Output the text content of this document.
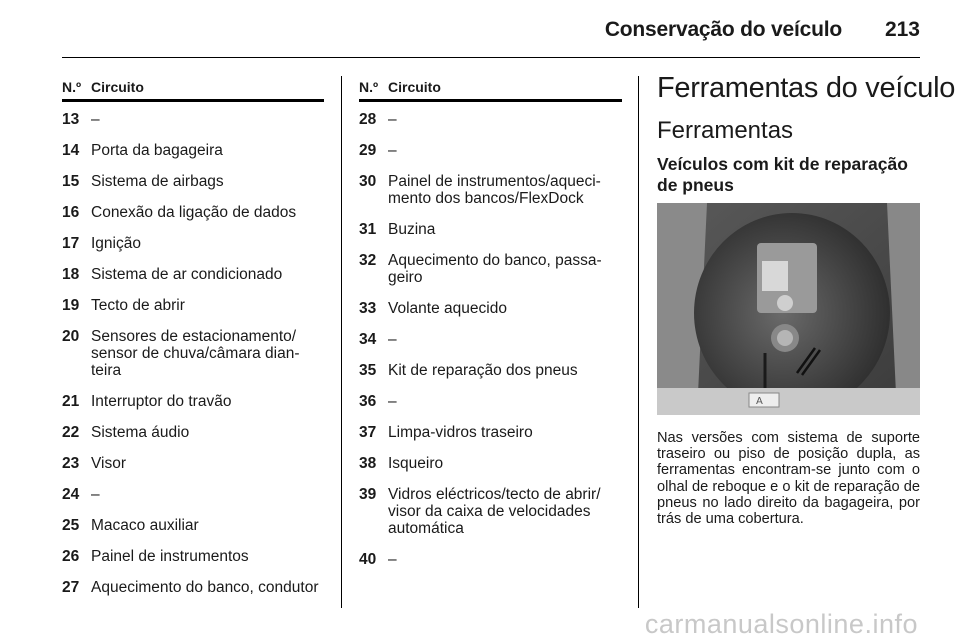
Conservação do veículo 213
N.º Circuito
13 –
14 Porta da bagageira
15 Sistema de airbags
16 Conexão da ligação de dados
17 Ignição
18 Sistema de ar condicionado
19 Tecto de abrir
20 Sensores de estacionamento/ sensor de chuva/câmara dian- teira
21 Interruptor do travão
22 Sistema áudio
23 Visor
24 –
25 Macaco auxiliar
26 Painel de instrumentos
27 Aquecimento do banco, condutor
N.º Circuito
28 –
29 –
30 Painel de instrumentos/aqueci- mento dos bancos/FlexDock
31 Buzina
32 Aquecimento do banco, passa- geiro
33 Volante aquecido
34 –
35 Kit de reparação dos pneus
36 –
37 Limpa-vidros traseiro
38 Isqueiro
39 Vidros eléctricos/tecto de abrir/ visor da caixa de velocidades automática
40 –
Ferramentas do veículo
Ferramentas
Veículos com kit de reparação de pneus
A
Nas versões com sistema de suporte traseiro ou piso de posição dupla, as ferramentas encontram-se junto com o olhal de reboque e o kit de reparação de pneus no lado direito da bagageira, por trás de uma cobertura.
carmanualsonline.info
